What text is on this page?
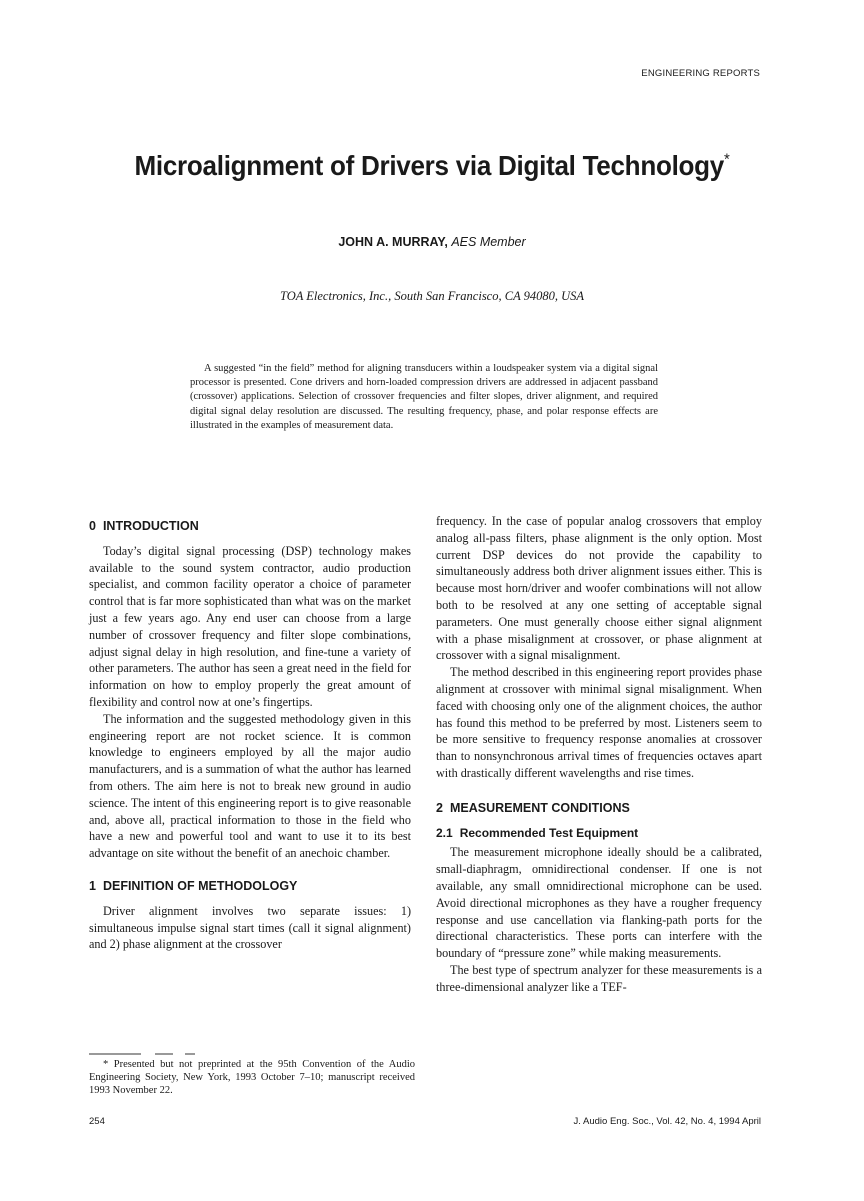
ENGINEERING REPORTS
Microalignment of Drivers via Digital Technology*
JOHN A. MURRAY, AES Member
TOA Electronics, Inc., South San Francisco, CA 94080, USA
A suggested “in the field” method for aligning transducers within a loudspeaker system via a digital signal processor is presented. Cone drivers and horn-loaded compression drivers are addressed in adjacent passband (crossover) applications. Selection of crossover frequencies and filter slopes, driver alignment, and required digital signal delay resolution are discussed. The resulting frequency, phase, and polar response effects are illustrated in the examples of measurement data.
0 INTRODUCTION

Today’s digital signal processing (DSP) technology makes available to the sound system contractor, audio production specialist, and common facility operator a choice of parameter control that is far more sophisticated than what was on the market just a few years ago. Any end user can choose from a large number of crossover frequency and filter slope combinations, adjust signal delay in high resolution, and fine-tune a variety of other parameters. The author has seen a great need in the field for information on how to employ properly the great amount of flexibility and control now at one’s fingertips.

The information and the suggested methodology given in this engineering report are not rocket science. It is common knowledge to engineers employed by all the major audio manufacturers, and is a summation of what the author has learned from others. The aim here is not to break new ground in audio science. The intent of this engineering report is to give reasonable and, above all, practical information to those in the field who have a new and powerful tool and want to use it to its best advantage on site without the benefit of an anechoic chamber.

1 DEFINITION OF METHODOLOGY

Driver alignment involves two separate issues: 1) simultaneous impulse signal start times (call it signal alignment) and 2) phase alignment at the crossover

frequency. In the case of popular analog crossovers that employ analog all-pass filters, phase alignment is the only option. Most current DSP devices do not provide the capability to simultaneously address both driver alignment issues either. This is because most horn/driver and woofer combinations will not allow both to be resolved at any one setting of acceptable signal parameters. One must generally choose either signal alignment with a phase misalignment at crossover, or phase alignment at crossover with a signal misalignment.

The method described in this engineering report provides phase alignment at crossover with minimal signal misalignment. When faced with choosing only one of the alignment choices, the author has found this method to be preferred by most. Listeners seem to be more sensitive to frequency response anomalies at crossover than to nonsynchronous arrival times of frequencies octaves apart with drastically different wavelengths and rise times.

2 MEASUREMENT CONDITIONS
2.1 Recommended Test Equipment

The measurement microphone ideally should be a calibrated, small-diaphragm, omnidirectional condenser. If one is not available, any small omnidirectional microphone can be used. Avoid directional microphones as they have a rougher frequency response and use cancellation via flanking-path ports for the directional characteristics. These ports can interfere with the boundary of “pressure zone” while making measurements.

The best type of spectrum analyzer for these measurements is a three-dimensional analyzer like a TEF-

* Presented but not preprinted at the 95th Convention of the Audio Engineering Society, New York, 1993 October 7–10; manuscript received 1993 November 22.
254	J. Audio Eng. Soc., Vol. 42, No. 4, 1994 April
